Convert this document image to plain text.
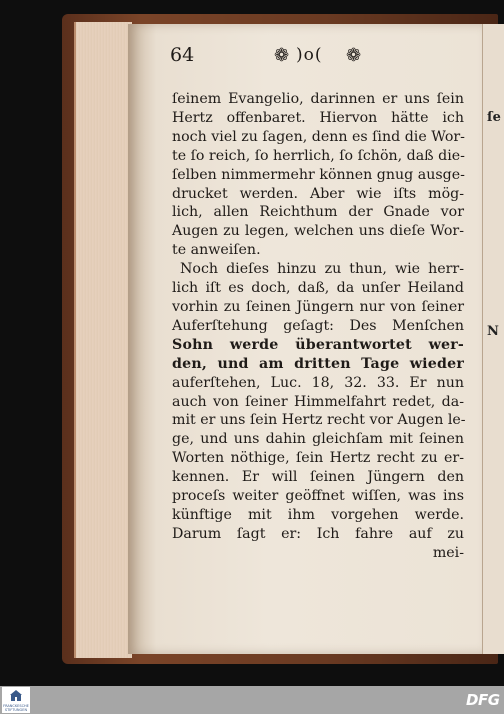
ſe
N
64	❁ )o( ❁
ſeinem Evangelio, darinnen er uns ſein
Hertz offenbaret. Hiervon hätte ich
noch viel zu ſagen, denn es ſind die Wor-
te ſo reich, ſo herrlich, ſo ſchön, daß die-
ſelben nimmermehr können gnug ausge-
drucket werden. Aber wie iſts mög-
lich, allen Reichthum der Gnade vor
Augen zu legen, welchen uns dieſe Wor-
te anweiſen.
Noch dieſes hinzu zu thun, wie herr-
lich iſt es doch, daß, da unſer Heiland
vorhin zu ſeinen Jüngern nur von ſeiner
Auferſtehung geſagt: Des Menſchen
Sohn werde überantwortet wer-
den, und am dritten Tage wieder
auferſtehen, Luc. 18, 32. 33. Er nun
auch von ſeiner Himmelfahrt redet, da-
mit er uns ſein Hertz recht vor Augen le-
ge, und uns dahin gleichſam mit ſeinen
Worten nöthige, ſein Hertz recht zu er-
kennen. Er will ſeinen Jüngern den
proceſs weiter geöffnet wiſſen, was ins
künftige mit ihm vorgehen werde.
Darum ſagt er: Ich fahre auf zu
mei-
FRANCKESCHE STIFTUNGEN
DFG
